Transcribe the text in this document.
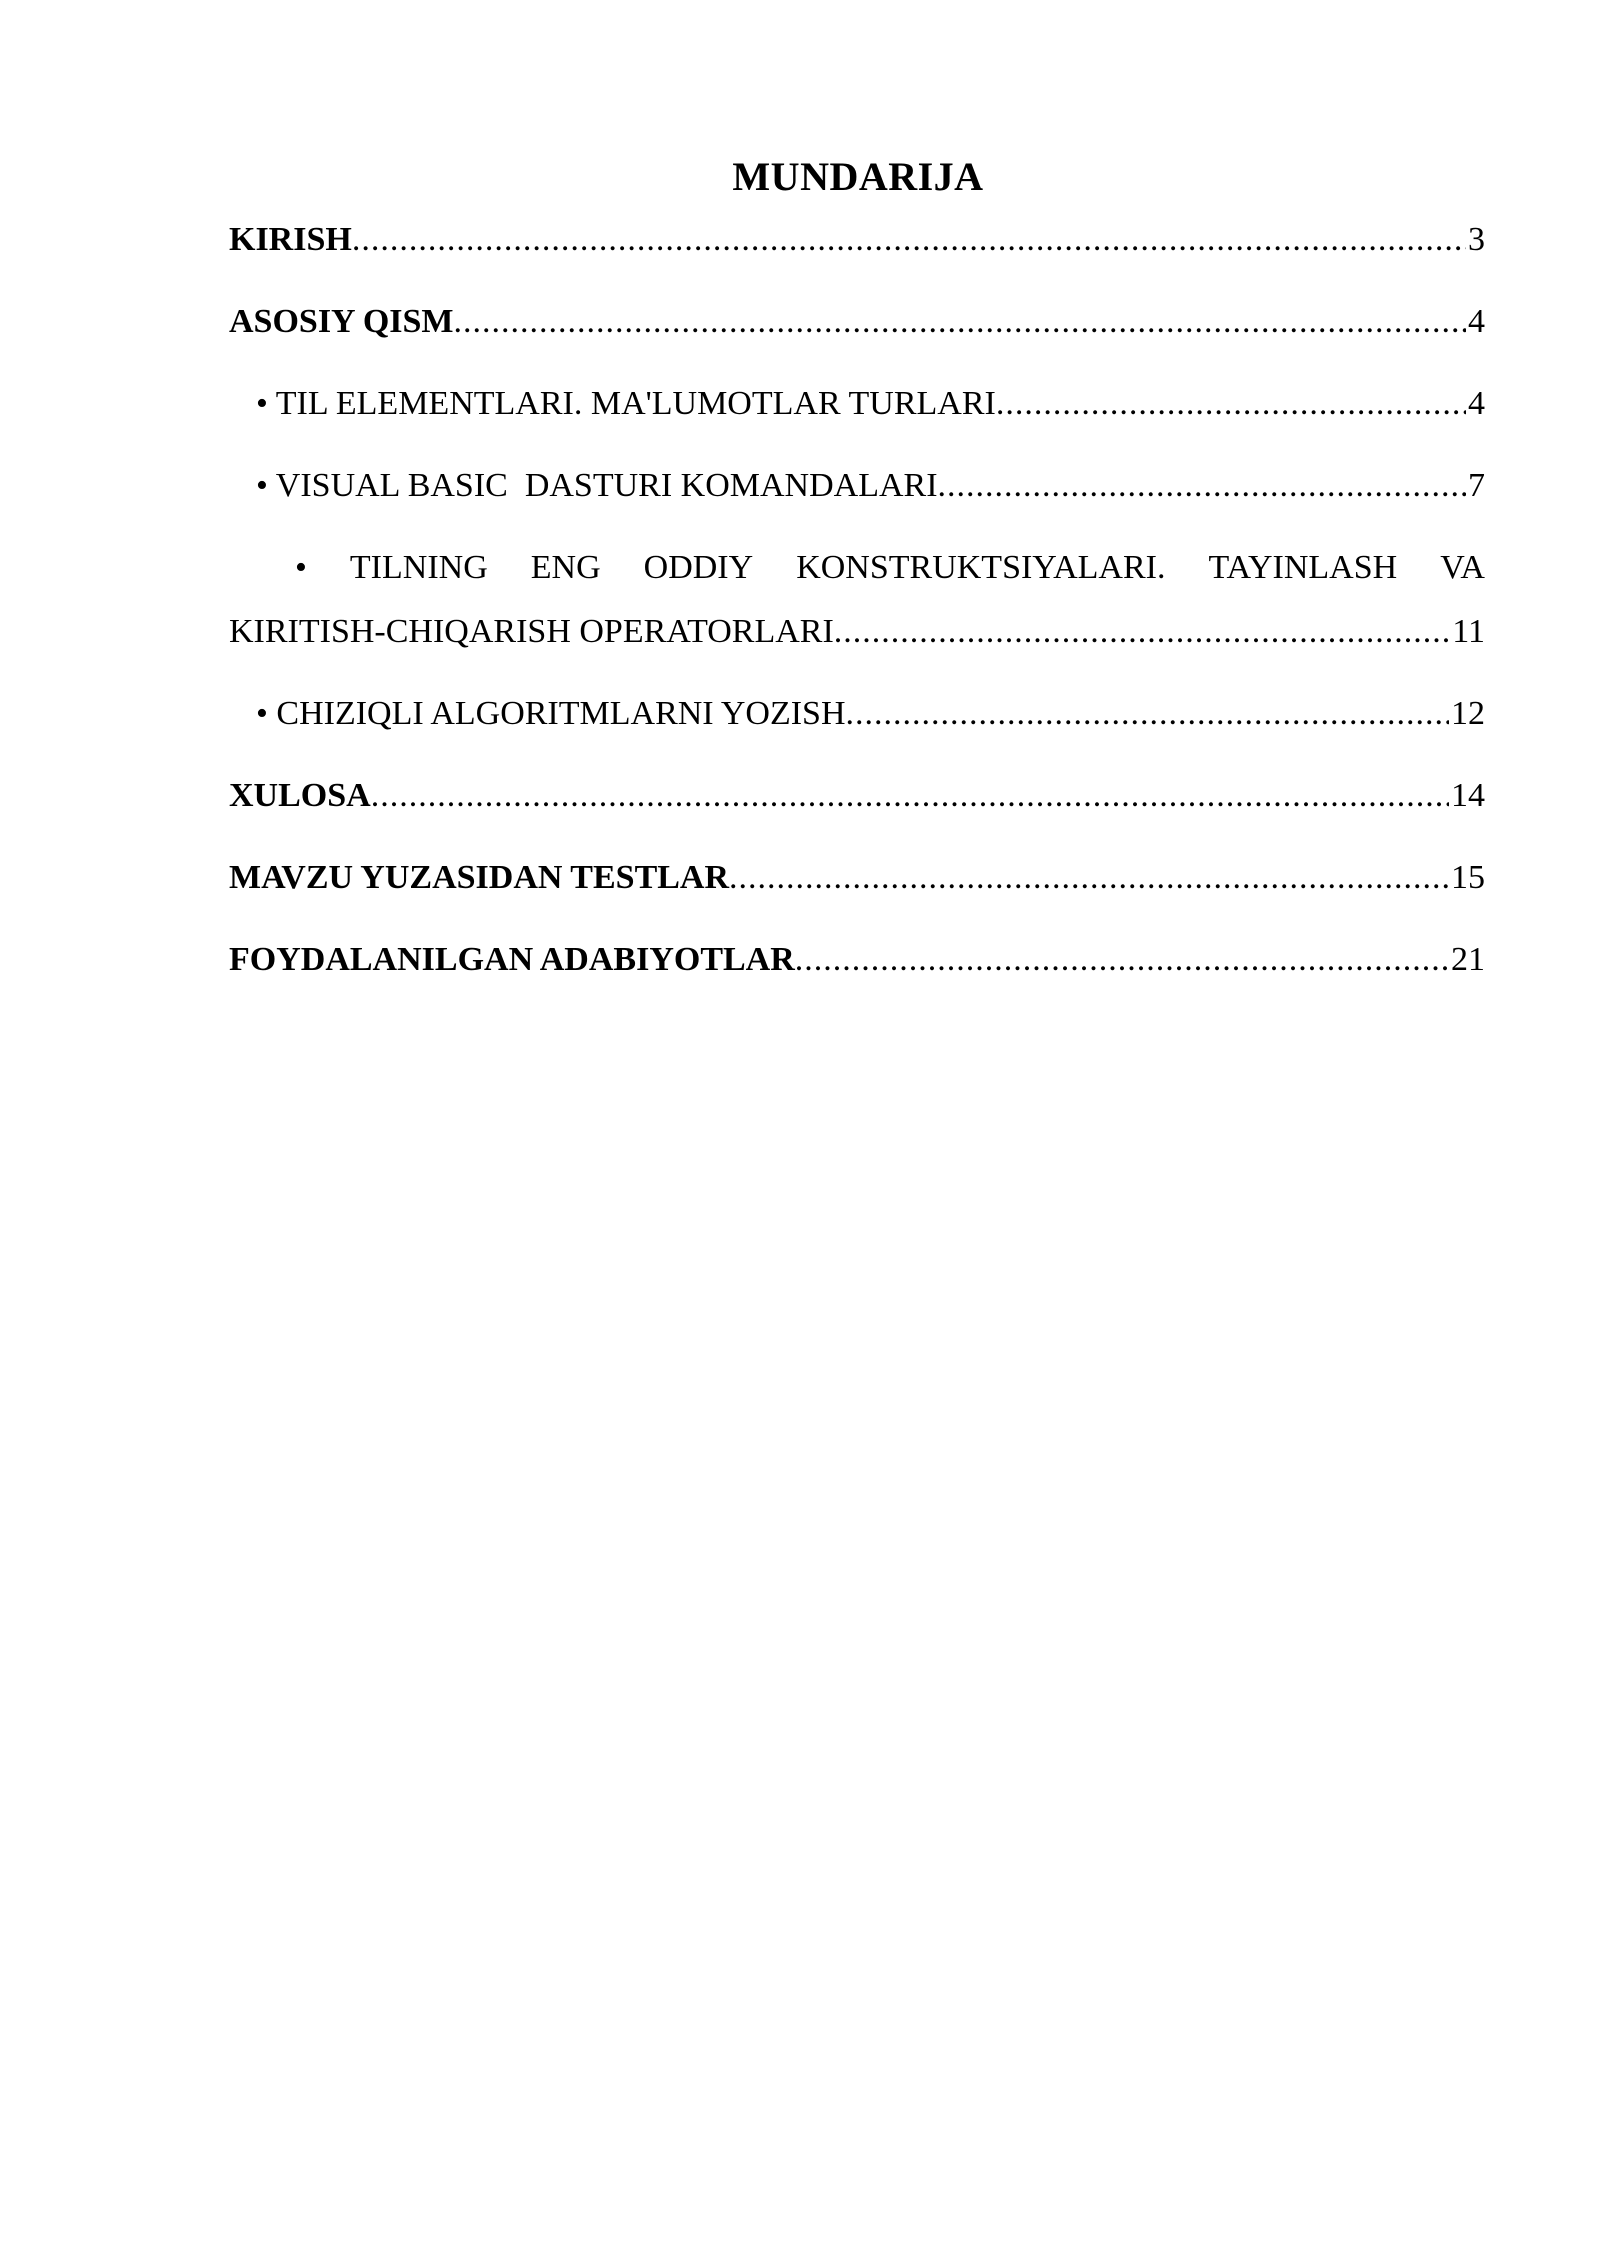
MUNDARIJA
KIRISH .....	3
ASOSIY QISM .....	4
• TIL ELEMENTLARI. MA'LUMOTLAR TURLARI .....	4
• VISUAL BASIC  DASTURI KOMANDALARI .....	7
• TILNING ENG ODDIY KONSTRUKTSIYALARI. TAYINLASH VA
KIRITISH-CHIQARISH OPERATORLARI .....	11
• CHIZIQLI ALGORITMLARNI YOZISH .....	12
XULOSA .....	14
MAVZU YUZASIDAN TESTLAR .....	15
FOYDALANILGAN ADABIYOTLAR .....	21
